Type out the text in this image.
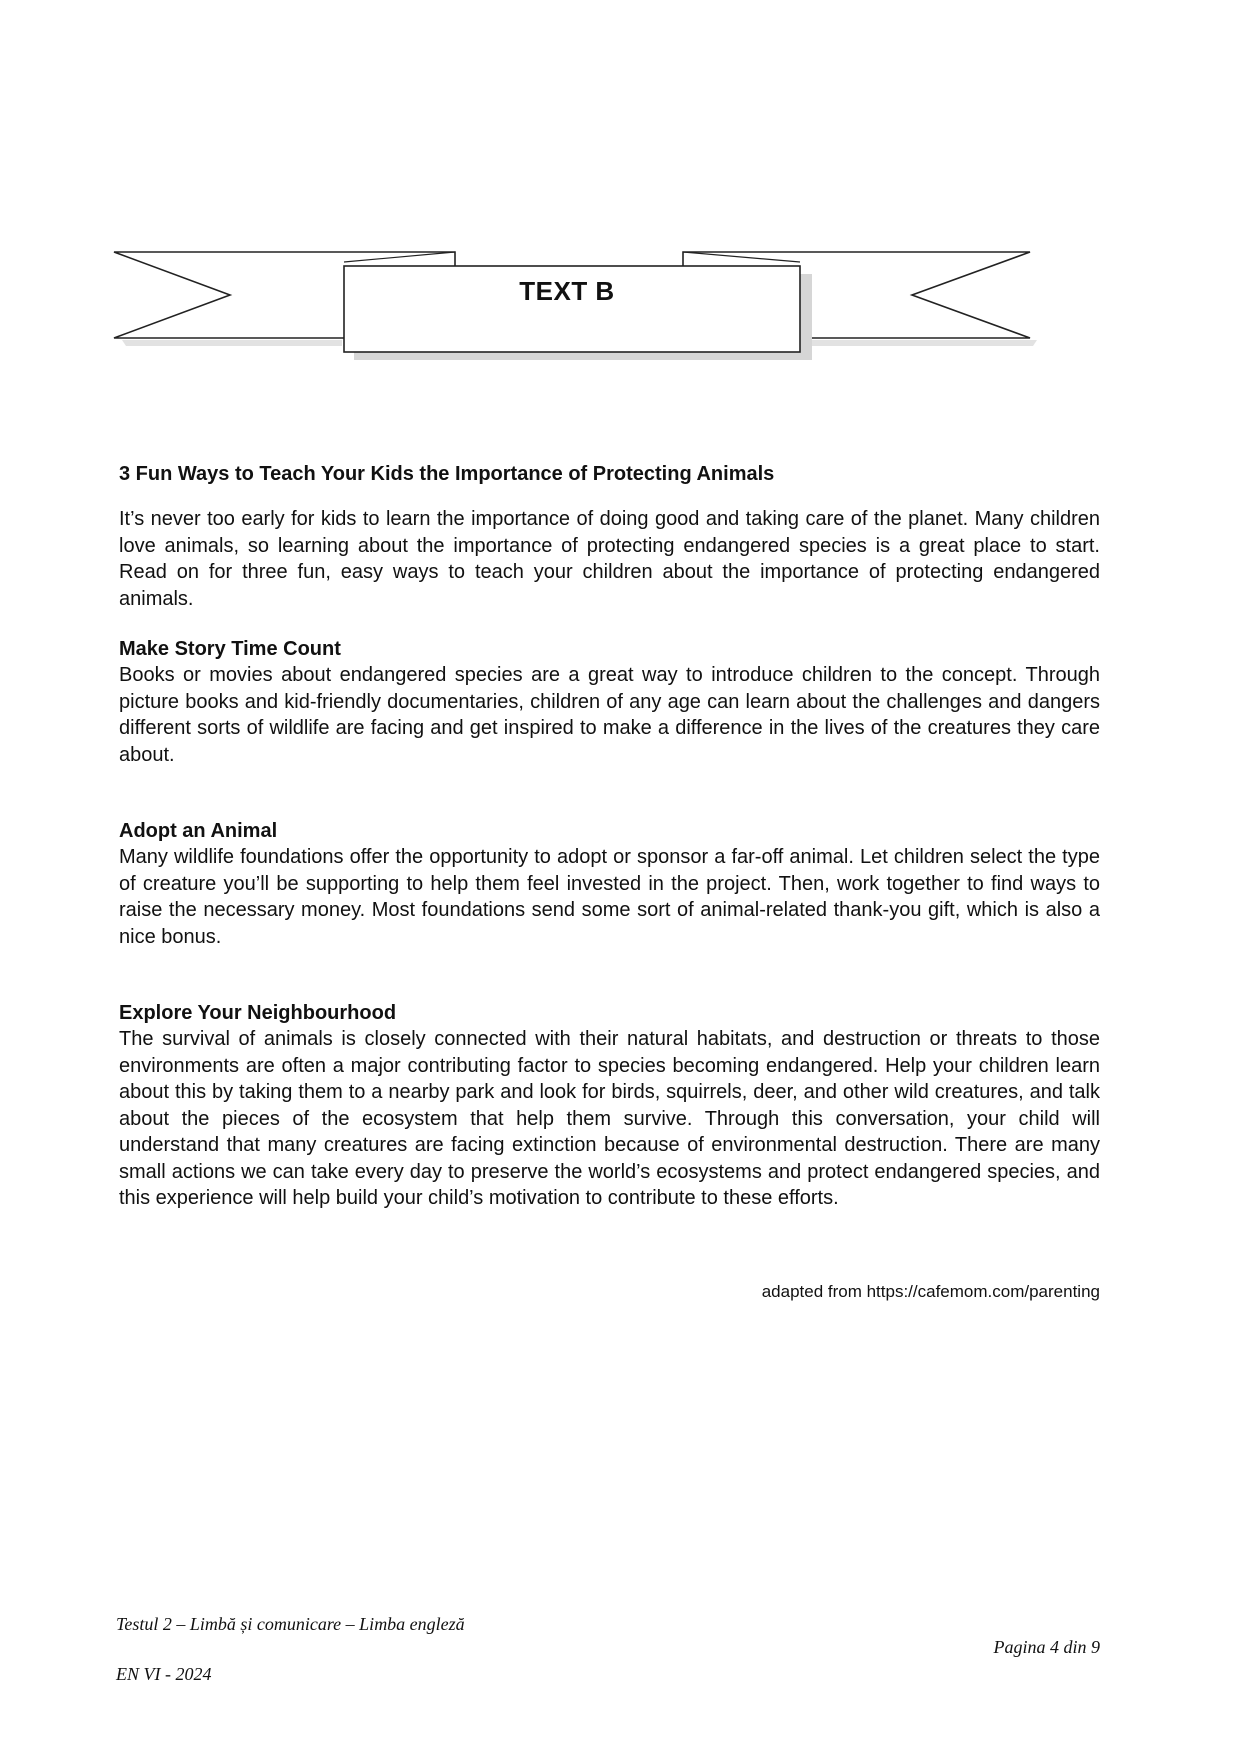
TEXT B
3 Fun Ways to Teach Your Kids the Importance of Protecting Animals

It’s never too early for kids to learn the importance of doing good and taking care of the planet. Many children love animals, so learning about the importance of protecting endangered species is a great place to start. Read on for three fun, easy ways to teach your children about the importance of protecting endangered animals.

Make Story Time Count

Books or movies about endangered species are a great way to introduce children to the concept. Through picture books and kid-friendly documentaries, children of any age can learn about the challenges and dangers different sorts of wildlife are facing and get inspired to make a difference in the lives of the creatures they care about.

Adopt an Animal

Many wildlife foundations offer the opportunity to adopt or sponsor a far-off animal. Let children select the type of creature you’ll be supporting to help them feel invested in the project. Then, work together to find ways to raise the necessary money. Most foundations send some sort of animal-related thank-you gift, which is also a nice bonus.

Explore Your Neighbourhood

The survival of animals is closely connected with their natural habitats, and destruction or threats to those environments are often a major contributing factor to species becoming endangered. Help your children learn about this by taking them to a nearby park and look for birds, squirrels, deer, and other wild creatures, and talk about the pieces of the ecosystem that help them survive. Through this conversation, your child will understand that many creatures are facing extinction because of environmental destruction. There are many small actions we can take every day to preserve the world’s ecosystems and protect endangered species, and this experience will help build your child’s motivation to contribute to these efforts.

adapted from https://cafemom.com/parenting
Testul 2 – Limbă și comunicare – Limba engleză
Pagina 4 din 9
EN VI - 2024
